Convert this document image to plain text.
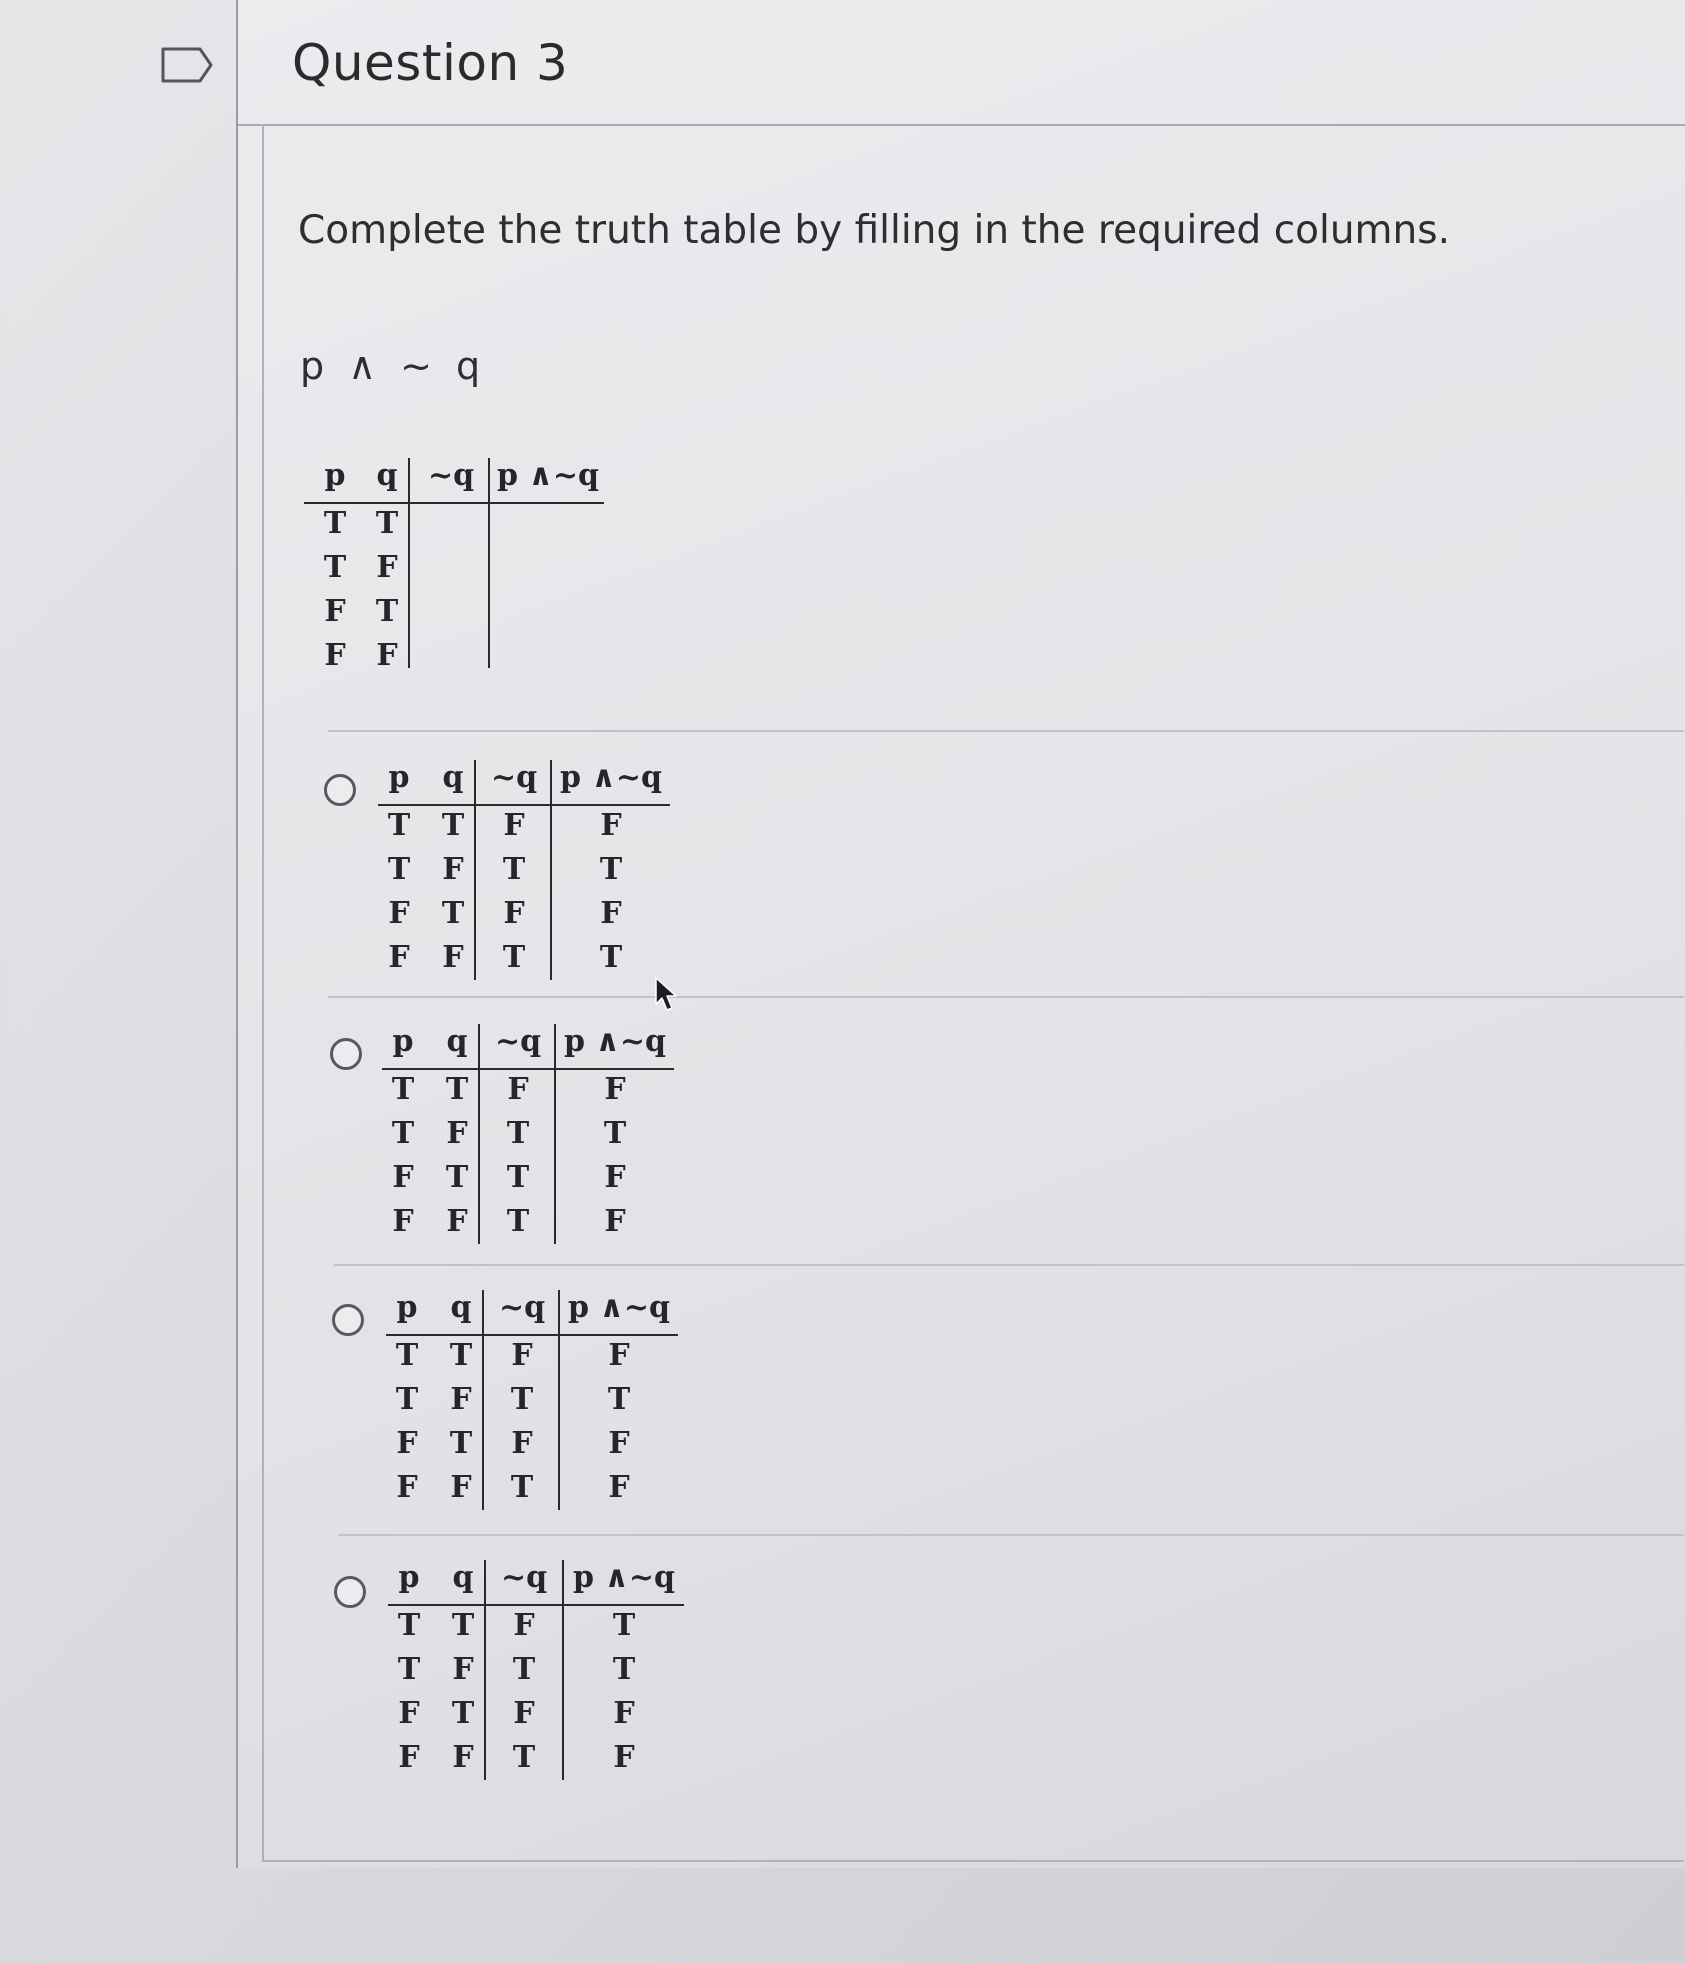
Question 3
Complete the truth table by filling in the required columns.
p ∧ ~ q
p q	~q p ∧~q
T T
T F
F T
F F
p q ~q p ∧~q
T T	F	F
T F	T	T
F T	F	F
F F	T	T
p q ~q p ∧~q
T T	F	F
T F	T	T
F T	T	F
F F	T	F
p q ~q p ∧~q
T T	F	F
T F	T	T
F T	F	F
F F	T	F
p q ~q p ∧~q
T T	F	T
T F	T	T
F T	F	F
F F	T	F
